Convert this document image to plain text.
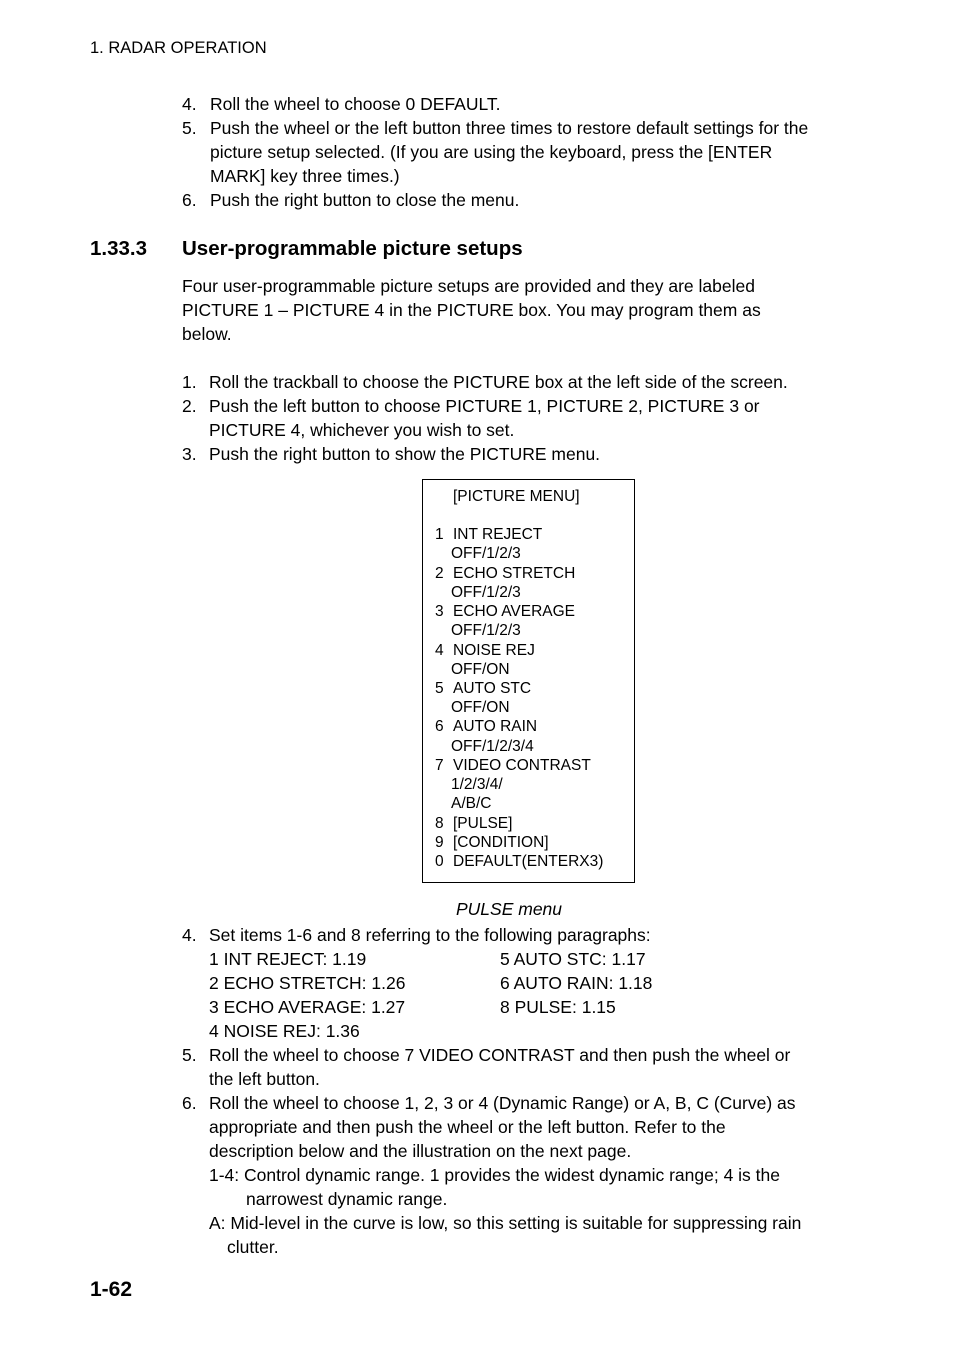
1. RADAR OPERATION
4. Roll the wheel to choose 0 DEFAULT.
5. Push the wheel or the left button three times to restore default settings for the
picture setup selected. (If you are using the keyboard, press the [ENTER
MARK] key three times.)
6. Push the right button to close the menu.
1.33.3 User-programmable picture setups
Four user-programmable picture setups are provided and they are labeled
PICTURE 1 – PICTURE 4 in the PICTURE box. You may program them as
below.
1. Roll the trackball to choose the PICTURE box at the left side of the screen.
2. Push the left button to choose PICTURE 1, PICTURE 2, PICTURE 3 or
PICTURE 4, whichever you wish to set.
3. Push the right button to show the PICTURE menu.
[PICTURE MENU]
1 INT REJECT
OFF/1/2/3
2 ECHO STRETCH
OFF/1/2/3
3 ECHO AVERAGE
OFF/1/2/3
4 NOISE REJ
OFF/ON
5 AUTO STC
OFF/ON
6 AUTO RAIN
OFF/1/2/3/4
7 VIDEO CONTRAST
1/2/3/4/
A/B/C
8 [PULSE]
9 [CONDITION]
0 DEFAULT(ENTERX3)
PULSE menu
4. Set items 1-6 and 8 referring to the following paragraphs:
1 INT REJECT: 1.19
2 ECHO STRETCH: 1.26
3 ECHO AVERAGE: 1.27
4 NOISE REJ: 1.36
5 AUTO STC: 1.17
6 AUTO RAIN: 1.18
8 PULSE: 1.15
5. Roll the wheel to choose 7 VIDEO CONTRAST and then push the wheel or
the left button.
6. Roll the wheel to choose 1, 2, 3 or 4 (Dynamic Range) or A, B, C (Curve) as
appropriate and then push the wheel or the left button. Refer to the
description below and the illustration on the next page.
1-4: Control dynamic range. 1 provides the widest dynamic range; 4 is the
narrowest dynamic range.
A: Mid-level in the curve is low, so this setting is suitable for suppressing rain
clutter.
1-62
